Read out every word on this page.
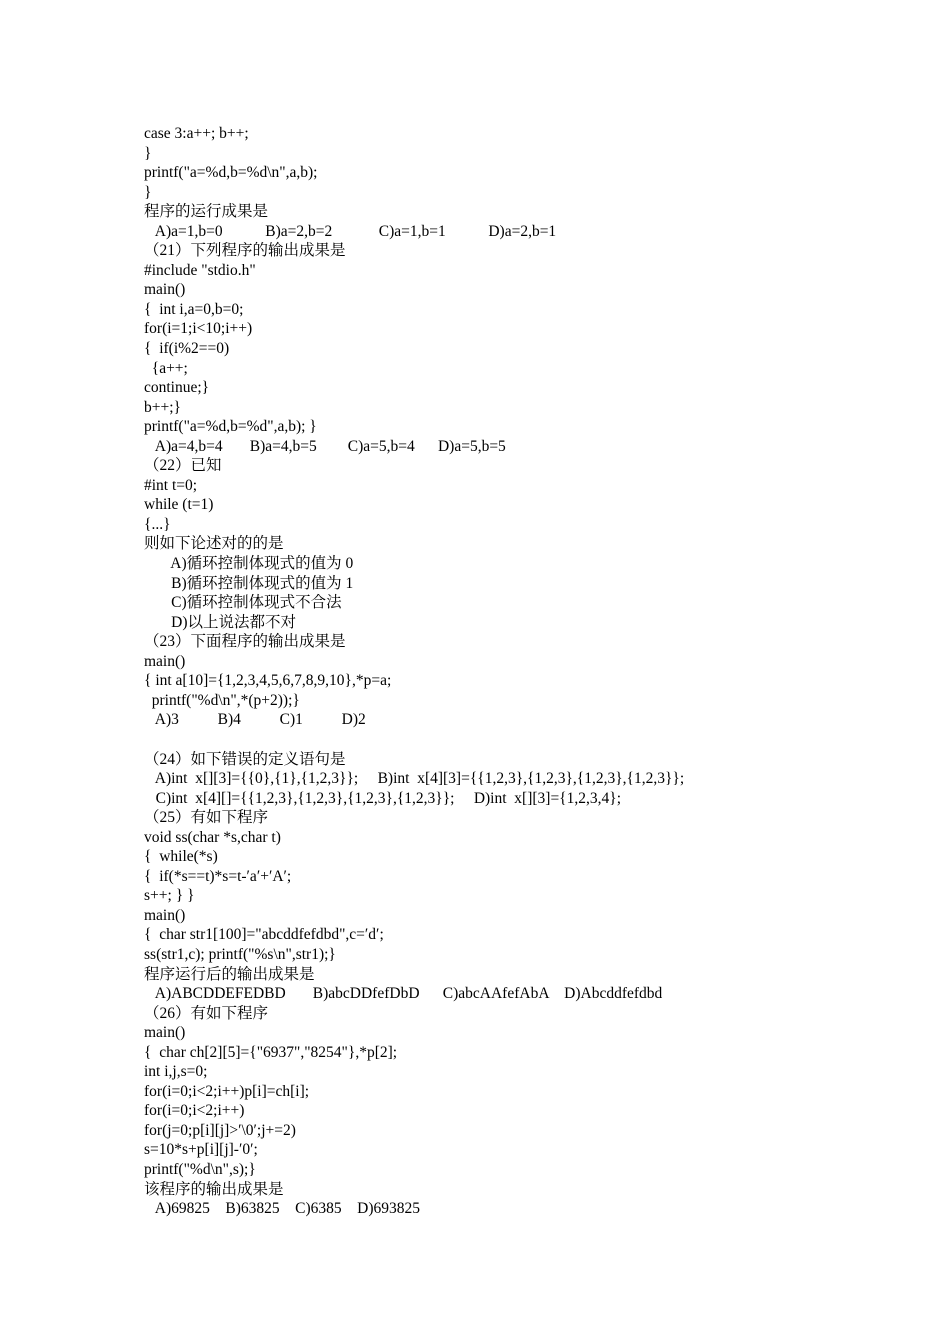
case 3:a++; b++;
}
printf("a=%d,b=%d\n",a,b);
}
程序的运行成果是
A)a=1,b=0           B)a=2,b=2            C)a=1,b=1           D)a=2,b=1
（21）下列程序的输出成果是
#include "stdio.h"
main()
{  int i,a=0,b=0;
for(i=1;i<10;i++)
{  if(i%2==0)
{a++;
continue;}
b++;}
printf("a=%d,b=%d",a,b); }
A)a=4,b=4       B)a=4,b=5        C)a=5,b=4      D)a=5,b=5
（22）已知
#int t=0;
while (t=1)
{...}
则如下论述对的的是
A)循环控制体现式的值为 0
B)循环控制体现式的值为 1
C)循环控制体现式不合法
D)以上说法都不对
（23）下面程序的输出成果是
main()
{ int a[10]={1,2,3,4,5,6,7,8,9,10},*p=a;
printf("%d\n",*(p+2));}
A)3          B)4          C)1          D)2
（24）如下错误的定义语句是
A)int  x[][3]={{0},{1},{1,2,3}};     B)int  x[4][3]={{1,2,3},{1,2,3},{1,2,3},{1,2,3}};
C)int  x[4][]={{1,2,3},{1,2,3},{1,2,3},{1,2,3}};     D)int  x[][3]={1,2,3,4};
（25）有如下程序
void ss(char *s,char t)
{  while(*s)
{  if(*s==t)*s=t-′a′+′A′;
s++; } }
main()
{  char str1[100]="abcddfefdbd",c=′d′;
ss(str1,c); printf("%s\n",str1);}
程序运行后的输出成果是
A)ABCDDEFEDBD       B)abcDDfefDbD      C)abcAAfefAbA    D)Abcddfefdbd
（26）有如下程序
main()
{  char ch[2][5]={"6937","8254"},*p[2];
int i,j,s=0;
for(i=0;i<2;i++)p[i]=ch[i];
for(i=0;i<2;i++)
for(j=0;p[i][j]>′\0′;j+=2)
s=10*s+p[i][j]-′0′;
printf("%d\n",s);}
该程序的输出成果是
A)69825    B)63825    C)6385    D)693825
